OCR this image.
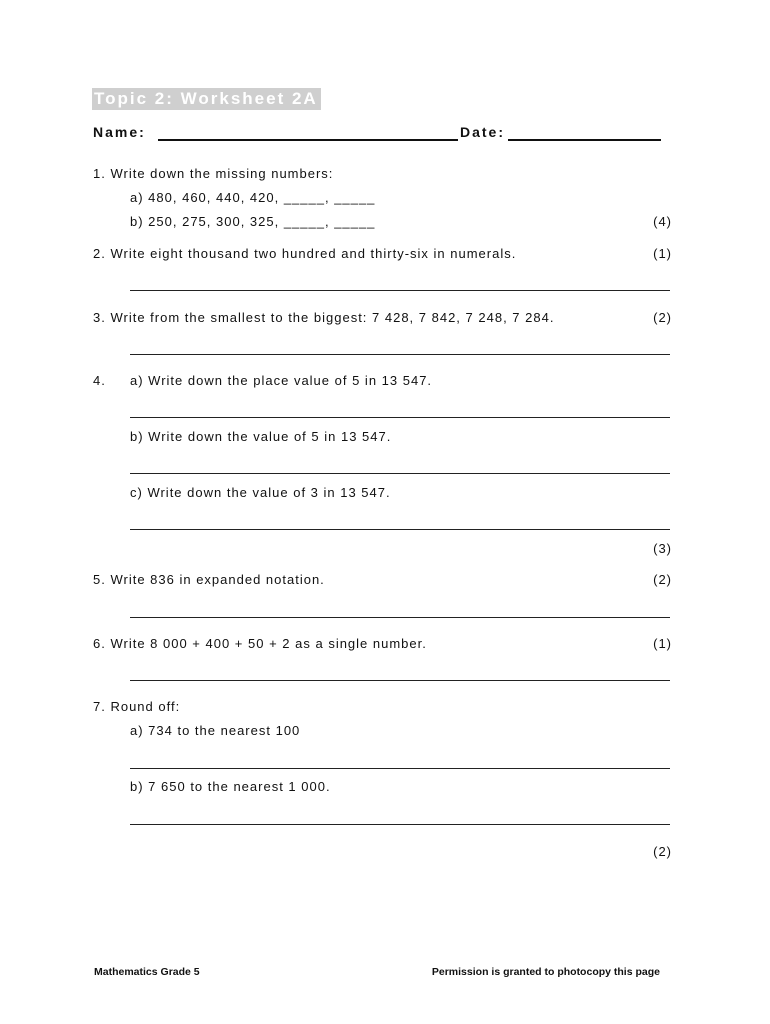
Topic 2: Worksheet 2A
Name:	Date:
1. Write down the missing numbers:
a) 480, 460, 440, 420, _____, _____
b) 250, 275, 300, 325, _____, _____	(4)
2. Write eight thousand two hundred and thirty-six in numerals.	(1)
3. Write from the smallest to the biggest: 7 428, 7 842, 7 248, 7 284.	(2)
4. a) Write down the place value of 5 in 13 547.
b) Write down the value of 5 in 13 547.
c) Write down the value of 3 in 13 547.
(3)
5. Write 836 in expanded notation.	(2)
6. Write 8 000 + 400 + 50 + 2 as a single number.	(1)
7. Round off:
a) 734 to the nearest 100
b) 7 650 to the nearest 1 000.
(2)
Mathematics Grade 5	Permission is granted to photocopy this page
